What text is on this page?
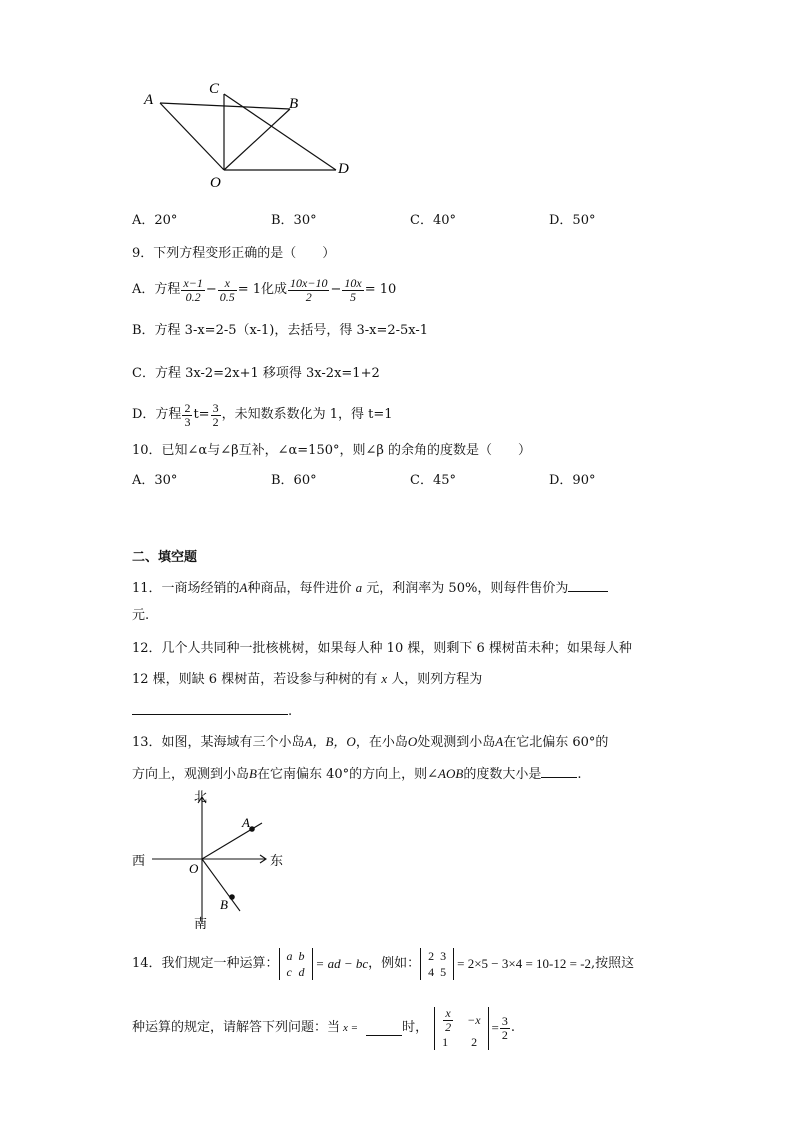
A
C
B
D
O
A．20°	B．30°	C．40°	D．50°
9．下列方程变形正确的是（　　）
A．方程 $\frac{x-1}{0.2} - \frac{x}{0.5} = 1$化成 $\frac{10x-10}{2} - \frac{10x}{5} = 10$
B．方程 3-x=2-5（x-1)，去括号，得 3-x=2-5x-1
C．方程 3x-2=2x+1 移项得 3x-2x=1+2
D．方程 $\frac{2}{3} t= \frac{3}{2}$ ，未知数系数化为 1，得 t=1
10．已知∠α与∠β互补，∠α=150°，则∠β 的余角的度数是（　　）
A．30°	B．60°	C．45°	D．90°
二、填空题
11．一商场经销的A种商品，每件进价 a 元，利润率为 50%，则每件售价为
元.
12．几个人共同种一批核桃树，如果每人种 10 棵，则剩下 6 棵树苗未种；如果每人种
12 棵，则缺 6 棵树苗，若设参与种树的有 x 人，则列方程为
.
13．如图，某海域有三个小岛A，B，O，在小岛O处观测到小岛A在它北偏东 60°的
方向上，观测到小岛B在它南偏东 40°的方向上，则∠AOB的度数大小是	.
北
西	东
南
O
A
B
14．我们规定一种运算： a	b
c	d
= ad − bc ，例如： 2	3
4	5
= 2×5 − 3×4 = 10-12 = -2 ,按照这
种运算的规定，请解答下列问题：当 x =	时， $\frac{x}{2}$	−x
1	2
= $\frac{3}{2}$ .
